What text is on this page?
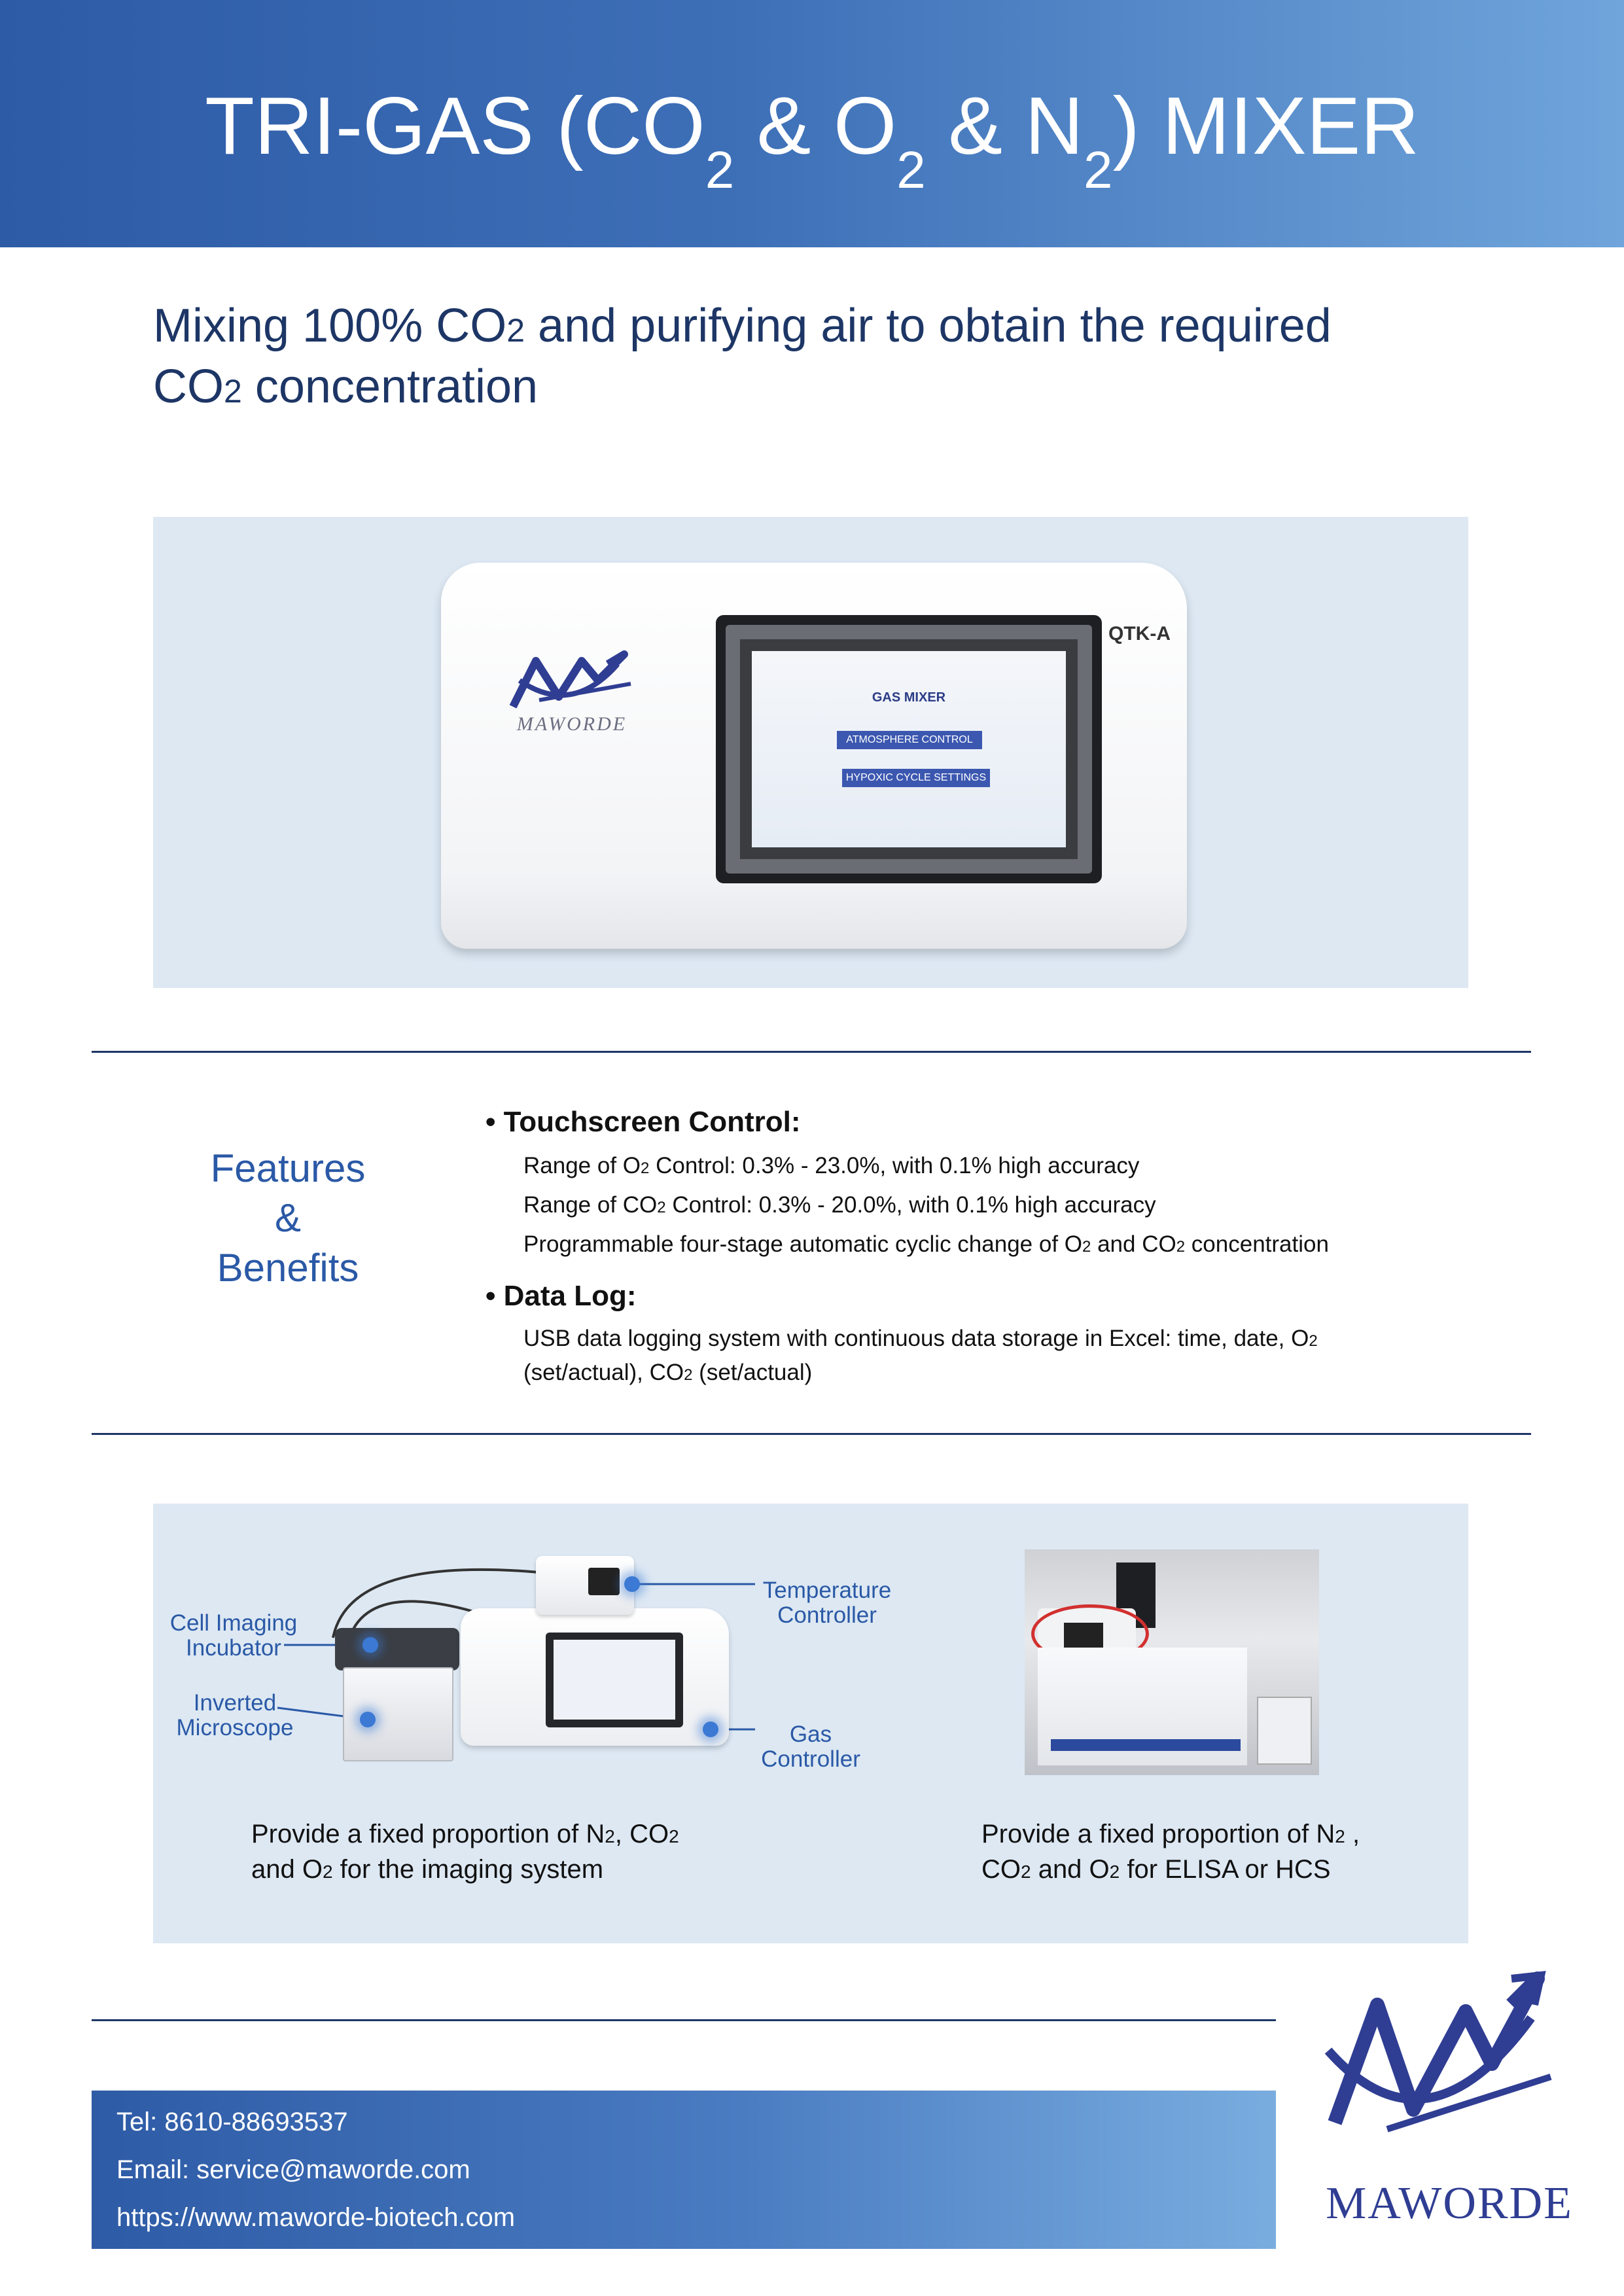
TRI-GAS ($CO_2$ & $O_2$ & $N_2$) MIXER
Mixing 100% CO2 and purifying air to obtain the required
CO2 concentration
MAWORDE
QTK-A
GAS MIXER
ATMOSPHERE CONTROL
HYPOXIC CYCLE SETTINGS
Features
&
Benefits
• Touchscreen Control:
Range of O2 Control: 0.3% - 23.0%, with 0.1% high accuracy
Range of CO2 Control: 0.3% - 20.0%, with 0.1% high accuracy
Programmable four-stage automatic cyclic change of O2 and CO2 concentration
• Data Log:
USB data logging system with continuous data storage in Excel: time, date, O2
(set/actual), CO2 (set/actual)
Cell Imaging
Incubator
Inverted
Microscope
Temperature
Controller
Gas
Controller
Provide a fixed proportion of N2, CO2
and O2 for the imaging system
Provide a fixed proportion of N2 ,
CO2 and O2 for ELISA or HCS
Tel: 8610-88693537
Email: service@maworde.com
https://www.maworde-biotech.com	MAWORDE
